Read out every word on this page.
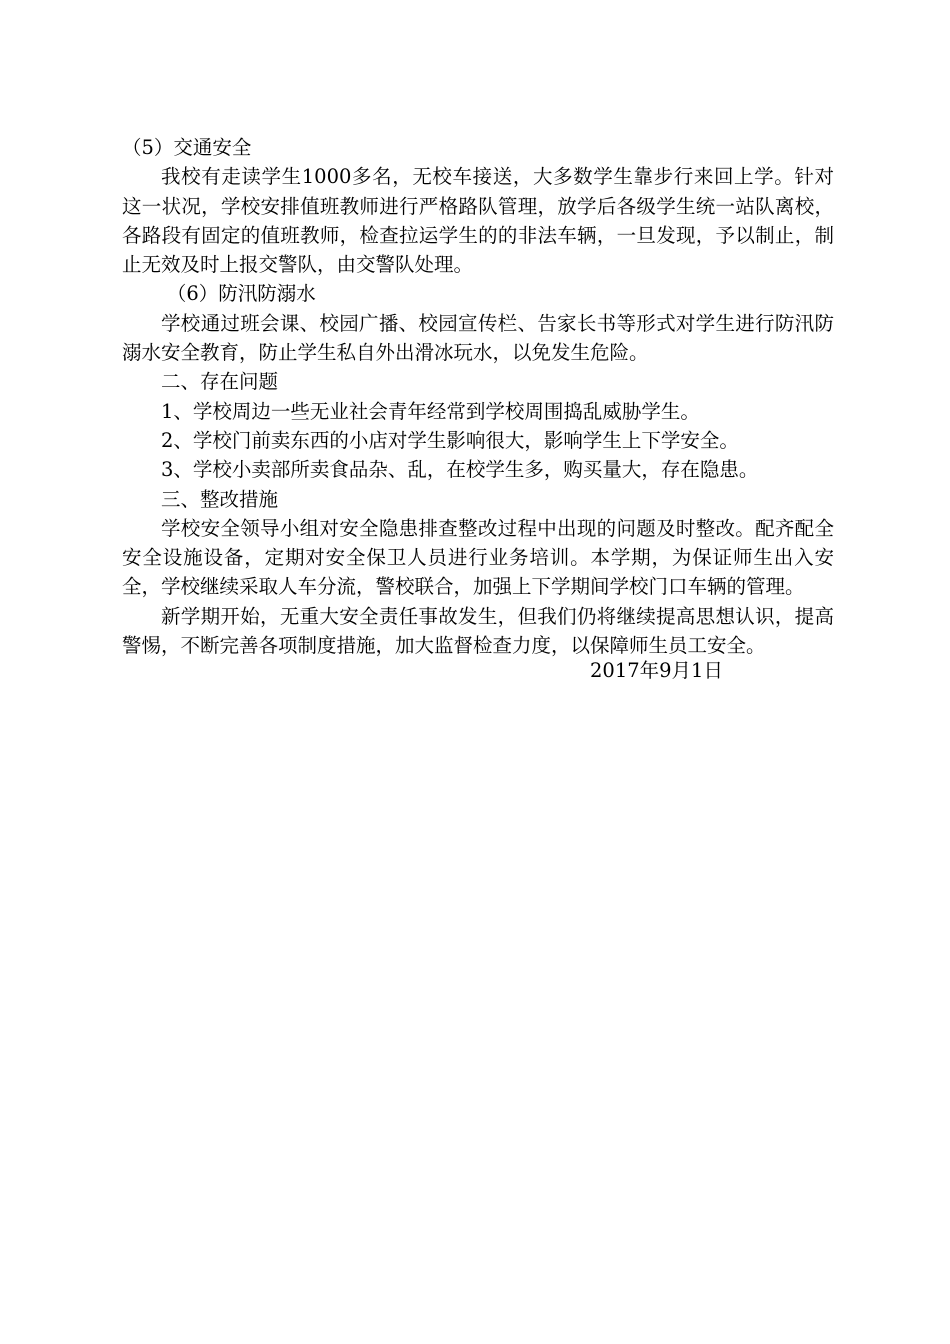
（5）交通安全

我校有走读学生1000多名，无校车接送，大多数学生靠步行来回上学。针对这一状况，学校安排值班教师进行严格路队管理，放学后各级学生统一站队离校，各路段有固定的值班教师，检查拉运学生的的非法车辆，一旦发现，予以制止，制止无效及时上报交警队，由交警队处理。

（6）防汛防溺水

学校通过班会课、校园广播、校园宣传栏、告家长书等形式对学生进行防汛防溺水安全教育，防止学生私自外出滑冰玩水，以免发生危险。

二、存在问题

1、学校周边一些无业社会青年经常到学校周围捣乱威胁学生。

2、学校门前卖东西的小店对学生影响很大，影响学生上下学安全。

3、学校小卖部所卖食品杂、乱，在校学生多，购买量大，存在隐患。

三、整改措施

学校安全领导小组对安全隐患排查整改过程中出现的问题及时整改。配齐配全安全设施设备，定期对安全保卫人员进行业务培训。本学期，为保证师生出入安全，学校继续采取人车分流，警校联合，加强上下学期间学校门口车辆的管理。

新学期开始，无重大安全责任事故发生，但我们仍将继续提高思想认识，提高警惕，不断完善各项制度措施，加大监督检查力度，以保障师生员工安全。

2017年9月1日
